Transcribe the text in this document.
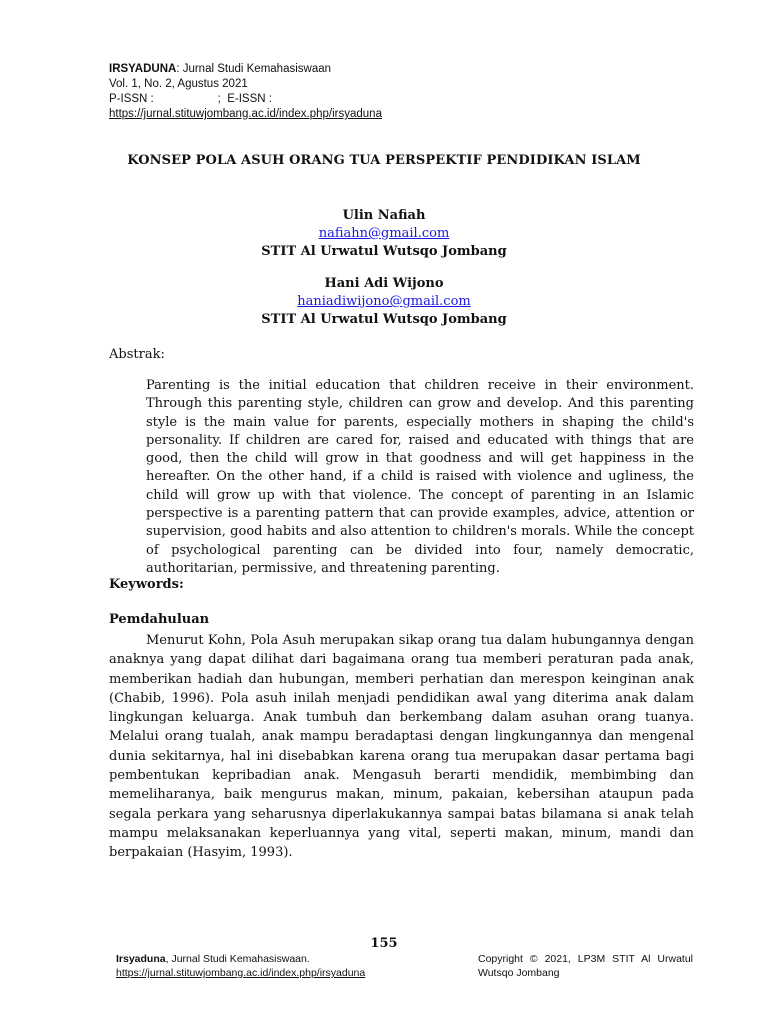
IRSYADUNA: Jurnal Studi Kemahasiswaan
Vol. 1, No. 2, Agustus 2021
P-ISSN :                    ;  E-ISSN :
https://jurnal.stituwjombang.ac.id/index.php/irsyaduna
KONSEP POLA ASUH ORANG TUA PERSPEKTIF PENDIDIKAN ISLAM
Ulin Nafiah
nafiahn@gmail.com
STIT Al Urwatul Wutsqo Jombang
Hani Adi Wijono
haniadiwijono@gmail.com
STIT Al Urwatul Wutsqo Jombang
Abstrak:
Parenting is the initial education that children receive in their environment. Through this parenting style, children can grow and develop. And this parenting style is the main value for parents, especially mothers in shaping the child's personality. If children are cared for, raised and educated with things that are good, then the child will grow in that goodness and will get happiness in the hereafter. On the other hand, if a child is raised with violence and ugliness, the child will grow up with that violence. The concept of parenting in an Islamic perspective is a parenting pattern that can provide examples, advice, attention or supervision, good habits and also attention to children's morals. While the concept of psychological parenting can be divided into four, namely democratic, authoritarian, permissive, and threatening parenting.
Keywords:
Pemdahuluan
Menurut Kohn, Pola Asuh merupakan sikap orang tua dalam hubungannya dengan anaknya yang dapat dilihat dari bagaimana orang tua memberi peraturan pada anak, memberikan hadiah dan hubungan, memberi perhatian dan merespon keinginan anak (Chabib, 1996). Pola asuh inilah menjadi pendidikan awal yang diterima anak dalam lingkungan keluarga. Anak tumbuh dan berkembang dalam asuhan orang tuanya. Melalui orang tualah, anak mampu beradaptasi dengan lingkungannya dan mengenal dunia sekitarnya, hal ini disebabkan karena orang tua merupakan dasar pertama bagi pembentukan kepribadian anak. Mengasuh berarti mendidik, membimbing dan memeliharanya, baik mengurus makan, minum, pakaian, kebersihan ataupun pada segala perkara yang seharusnya diperlakukannya sampai batas bilamana si anak telah mampu melaksanakan keperluannya yang vital, seperti makan, minum, mandi dan berpakaian (Hasyim, 1993).
155
Irsyaduna, Jurnal Studi Kemahasiswaan.
https://jurnal.stituwjombang.ac.id/index.php/irsyaduna
Copyright © 2021, LP3M STIT Al Urwatul Wutsqo Jombang
